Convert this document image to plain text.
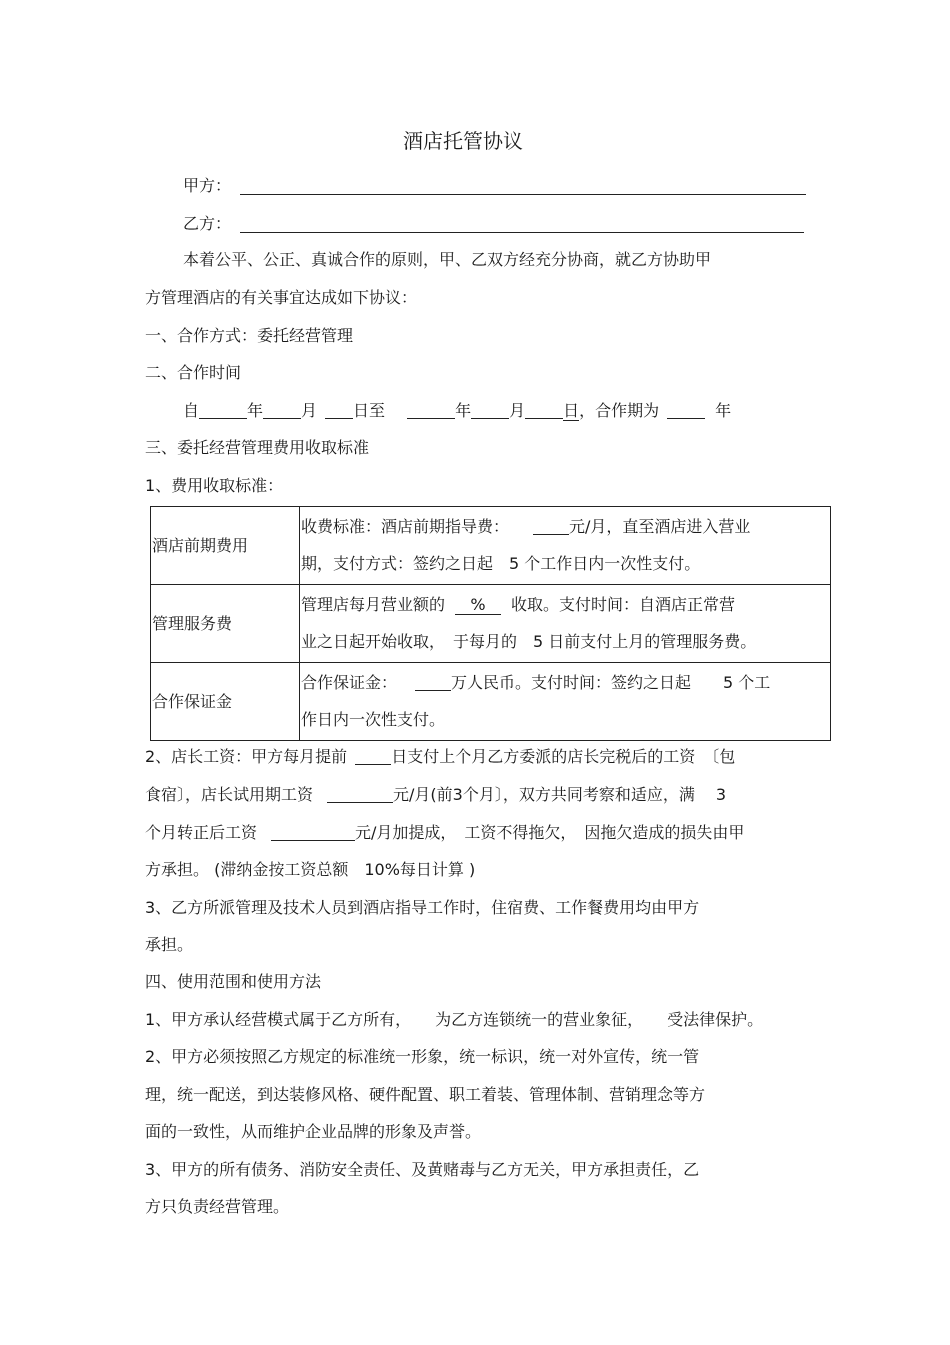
酒店托管协议
甲方：
乙方：
本着公平、公正、真诚合作的原则，甲、乙双方经充分协商，就乙方协助甲
方管理酒店的有关事宜达成如下协议：
一、合作方式：委托经营管理
二、合作时间
自	年 月 日至	年 月 日，合作期为	年
三、委托经营管理费用收取标准
1、费用收取标准：
酒店前期费用	收费标准：酒店前期指导费： 元/月，直至酒店进入营业
期，支付方式：签约之日起　5 个工作日内一次性支付。

管理服务费	管理店每月营业额的 % 收取。支付时间：自酒店正常营
业之日起开始收取，　于每月的　5 日前支付上月的管理服务费。

合作保证金	合作保证金： 万人民币。支付时间：签约之日起　　5 个工
作日内一次性支付。
2、店长工资：甲方每月提前	日支付上个月乙方委派的店长完税后的工资　〔包
食宿〕，店长试用期工资	元/月(前3个月〕，双方共同考察和适应，满　 3
个月转正后工资	元/月加提成，　工资不得拖欠，　因拖欠造成的损失由甲
方承担。 (滞纳金按工资总额　10%每日计算 )
3、乙方所派管理及技术人员到酒店指导工作时，住宿费、工作餐费用均由甲方
承担。
四、使用范围和使用方法
1、甲方承认经营模式属于乙方所有，　　为乙方连锁统一的营业象征，　　受法律保护。
2、甲方必须按照乙方规定的标准统一形象，统一标识，统一对外宣传，统一管
理，统一配送，到达装修风格、硬件配置、职工着装、管理体制、营销理念等方
面的一致性，从而维护企业品牌的形象及声誉。
3、甲方的所有债务、消防安全责任、及黄赌毒与乙方无关，甲方承担责任，乙
方只负责经营管理。
